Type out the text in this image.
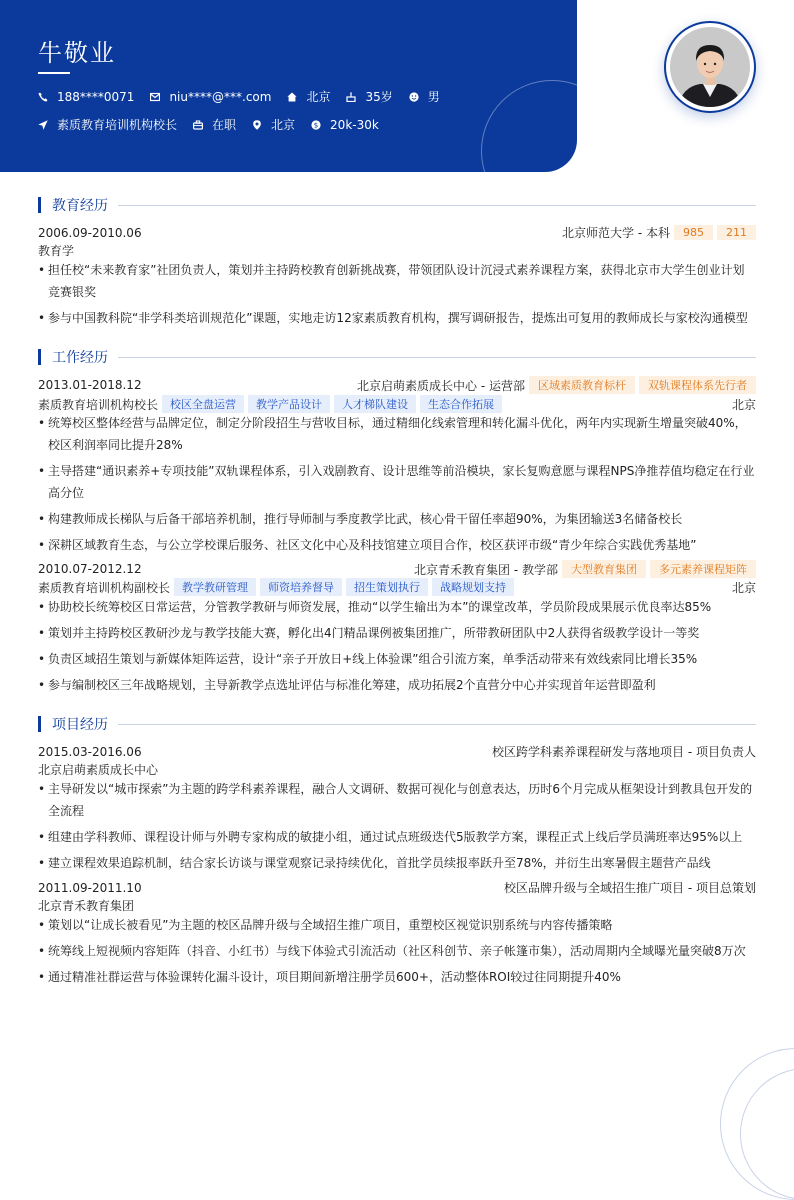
牛敬业
188****0071	niu****@***.com	北京	35岁	男
素质教育培训机构校长	在职	北京	$ 20k-30k
教育经历
2006.09-2010.06	北京师范大学 - 本科	985	211
教育学
• 担任校“未来教育家”社团负责人，策划并主持跨校教育创新挑战赛，带领团队设计沉浸式素养课程方案，获得北京市大学生创业计划竞赛银奖
• 参与中国教科院“非学科类培训规范化”课题，实地走访12家素质教育机构，撰写调研报告，提炼出可复用的教师成长与家校沟通模型
工作经历
2013.01-2018.12	北京启萌素质成长中心 - 运营部	区域素质教育标杆	双轨课程体系先行者
素质教育培训机构校长	校区全盘运营	教学产品设计	人才梯队建设	生态合作拓展	北京
• 统筹校区整体经营与品牌定位，制定分阶段招生与营收目标，通过精细化线索管理和转化漏斗优化，两年内实现新生增量突破40%，校区利润率同比提升28%
• 主导搭建“通识素养+专项技能”双轨课程体系，引入戏剧教育、设计思维等前沿模块，家长复购意愿与课程NPS净推荐值均稳定在行业高分位
• 构建教师成长梯队与后备干部培养机制，推行导师制与季度教学比武，核心骨干留任率超90%，为集团输送3名储备校长
• 深耕区域教育生态，与公立学校课后服务、社区文化中心及科技馆建立项目合作，校区获评市级“青少年综合实践优秀基地”
2010.07-2012.12	北京青禾教育集团 - 教学部	大型教育集团	多元素养课程矩阵
素质教育培训机构副校长	教学教研管理	师资培养督导	招生策划执行	战略规划支持	北京
• 协助校长统筹校区日常运营，分管教学教研与师资发展，推动“以学生输出为本”的课堂改革，学员阶段成果展示优良率达85%
• 策划并主持跨校区教研沙龙与教学技能大赛，孵化出4门精品课例被集团推广，所带教研团队中2人获得省级教学设计一等奖
• 负责区域招生策划与新媒体矩阵运营，设计“亲子开放日+线上体验课”组合引流方案，单季活动带来有效线索同比增长35%
• 参与编制校区三年战略规划，主导新教学点选址评估与标准化筹建，成功拓展2个直营分中心并实现首年运营即盈利
项目经历
2015.03-2016.06	校区跨学科素养课程研发与落地项目 - 项目负责人
北京启萌素质成长中心
• 主导研发以“城市探索”为主题的跨学科素养课程，融合人文调研、数据可视化与创意表达，历时6个月完成从框架设计到教具包开发的全流程
• 组建由学科教师、课程设计师与外聘专家构成的敏捷小组，通过试点班级迭代5版教学方案，课程正式上线后学员满班率达95%以上
• 建立课程效果追踪机制，结合家长访谈与课堂观察记录持续优化，首批学员续报率跃升至78%，并衍生出寒暑假主题营产品线
2011.09-2011.10	校区品牌升级与全域招生推广项目 - 项目总策划
北京青禾教育集团
• 策划以“让成长被看见”为主题的校区品牌升级与全域招生推广项目，重塑校区视觉识别系统与内容传播策略
• 统筹线上短视频内容矩阵（抖音、小红书）与线下体验式引流活动（社区科创节、亲子帐篷市集），活动周期内全域曝光量突破8万次
• 通过精准社群运营与体验课转化漏斗设计，项目期间新增注册学员600+，活动整体ROI较过往同期提升40%
